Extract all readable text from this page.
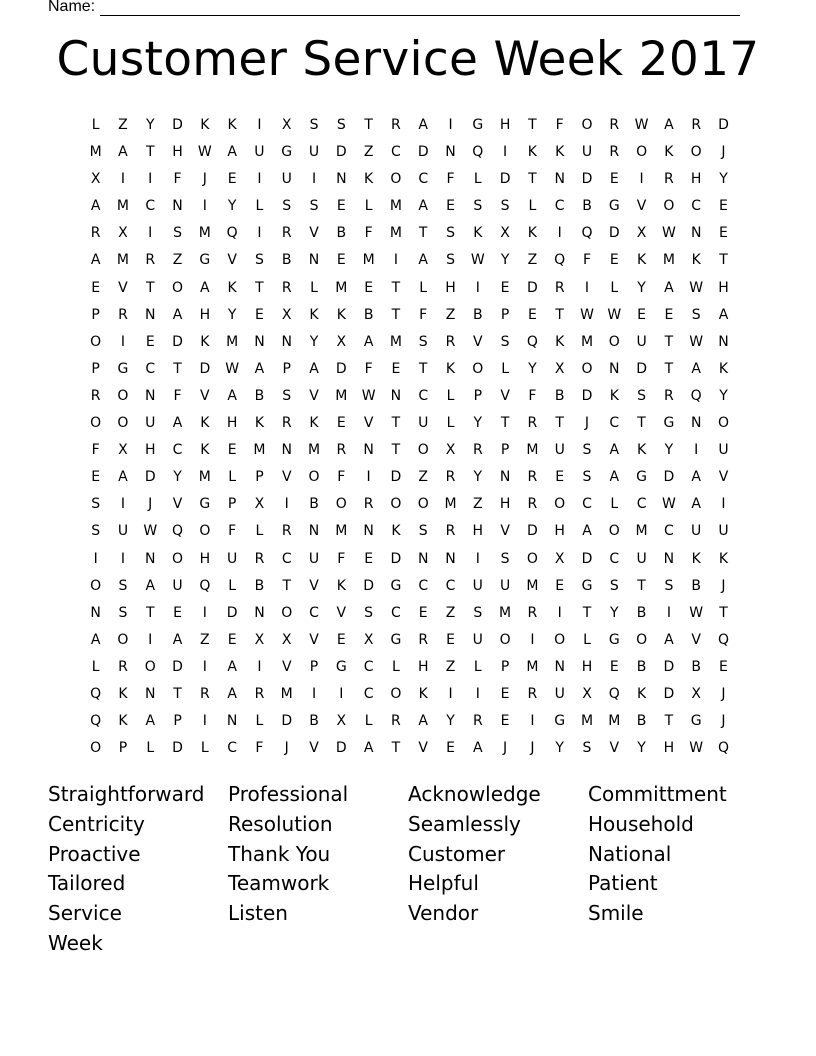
Name:
Customer Service Week 2017
L	Z	Y	D	K	K	I	X	S	S	T	R	A	I	G	H	T	F	O	R	W	A	R	D
M	A	T	H	W	A	U	G	U	D	Z	C	D	N	Q	I	K	K	U	R	O	K	O	J
X	I	I	F	J	E	I	U	I	N	K	O	C	F	L	D	T	N	D	E	I	R	H	Y
A	M	C	N	I	Y	L	S	S	E	L	M	A	E	S	S	L	C	B	G	V	O	C	E
R	X	I	S	M	Q	I	R	V	B	F	M	T	S	K	X	K	I	Q	D	X	W	N	E
A	M	R	Z	G	V	S	B	N	E	M	I	A	S	W	Y	Z	Q	F	E	K	M	K	T
E	V	T	O	A	K	T	R	L	M	E	T	L	H	I	E	D	R	I	L	Y	A	W	H
P	R	N	A	H	Y	E	X	K	K	B	T	F	Z	B	P	E	T	W W	E	E	S	A
O	I	E	D	K	M	N	N	Y	X	A	M	S	R	V	S	Q	K	M	O	U	T	W	N
P	G	C	T	D	W	A	P	A	D	F	E	T	K	O	L	Y	X	O	N	D	T	A	K
R	O	N	F	V	A	B	S	V	M	W	N	C	L	P	V	F	B	D	K	S	R	Q	Y
O	O	U	A	K	H	K	R	K	E	V	T	U	L	Y	T	R	T	J	C	T	G	N	O
F	X	H	C	K	E	M	N	M	R	N	T	O	X	R	P	M	U	S	A	K	Y	I	U
E	A	D	Y	M	L	P	V	O	F	I	D	Z	R	Y	N	R	E	S	A	G	D	A	V
S	I	J	V	G	P	X	I	B	O	R	O	O	M	Z	H	R	O	C	L	C	W	A	I
S	U	W	Q	O	F	L	R	N	M	N	K	S	R	H	V	D	H	A	O	M	C	U	U
I	I	N	O	H	U	R	C	U	F	E	D	N	N	I	S	O	X	D	C	U	N	K	K
O	S	A	U	Q	L	B	T	V	K	D	G	C	C	U	U	M	E	G	S	T	S	B	J
N	S	T	E	I	D	N	O	C	V	S	C	E	Z	S	M	R	I	T	Y	B	I	W	T
A	O	I	A	Z	E	X	X	V	E	X	G	R	E	U	O	I	O	L	G	O	A	V	Q
L	R	O	D	I	A	I	V	P	G	C	L	H	Z	L	P	M	N	H	E	B	D	B	E
Q	K	N	T	R	A	R	M	I	I	C	O	K	I	I	E	R	U	X	Q	K	D	X	J
Q	K	A	P	I	N	L	D	B	X	L	R	A	Y	R	E	I	G	M	M	B	T	G	J
O	P	L	D	L	C	F	J	V	D	A	T	V	E	A	J	J	Y	S	V	Y	H	W	Q
Straightforward	Professional	Acknowledge	Committment
Centricity	Resolution	Seamlessly	Household
Proactive	Thank You	Customer	National
Tailored	Teamwork	Helpful	Patient
Service	Listen	Vendor	Smile
Week
